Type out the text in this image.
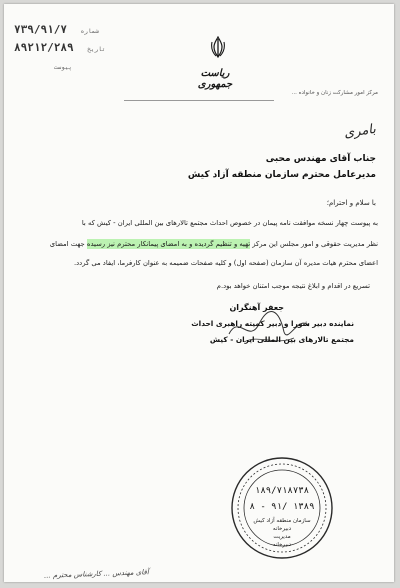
۷۳۹/۹۱/۷ شماره
۸۹۲۱۲/۲۸۹ تاریخ
پیوست
ریاست جمهوری
مرکز امور مشارکت زنان و خانواده ...
بامری
جناب آقای مهندس محبی
مدیرعامل محترم سازمان منطقه آزاد کیش
با سلام و احترام؛
به پیوست چهار نسخه موافقت نامه پیمان در خصوص احداث مجتمع تالارهای بین المللی ایران - کیش که با
نظر مدیریت حقوقی و امور مجلس این مرکز تهیه و تنظیم گردیده و به امضای پیمانکار محترم نیز رسیده جهت امضای
اعضای محترم هیات مدیره آن سازمان (صفحه اول) و کلیه صفحات ضمیمه به عنوان کارفرما، ایفاد می گردد.
تسریع در اقدام و ابلاغ نتیجه موجب امتنان خواهد بود.م
جعفر آهنگران
نماینده دبیر شورا و دبیر کمیته راهبری احداث
مجتمع تالارهای بین المللی ایران - کیش
۱۸۹/۷۱۸۷۳۸
۸ - ۹۱/ ۱۳۸۹
سازمان منطقه آزاد کیش
دبیرخانه
مدیریت
دبیرخانه
آقای مهندس ... کارشناس محترم ...
